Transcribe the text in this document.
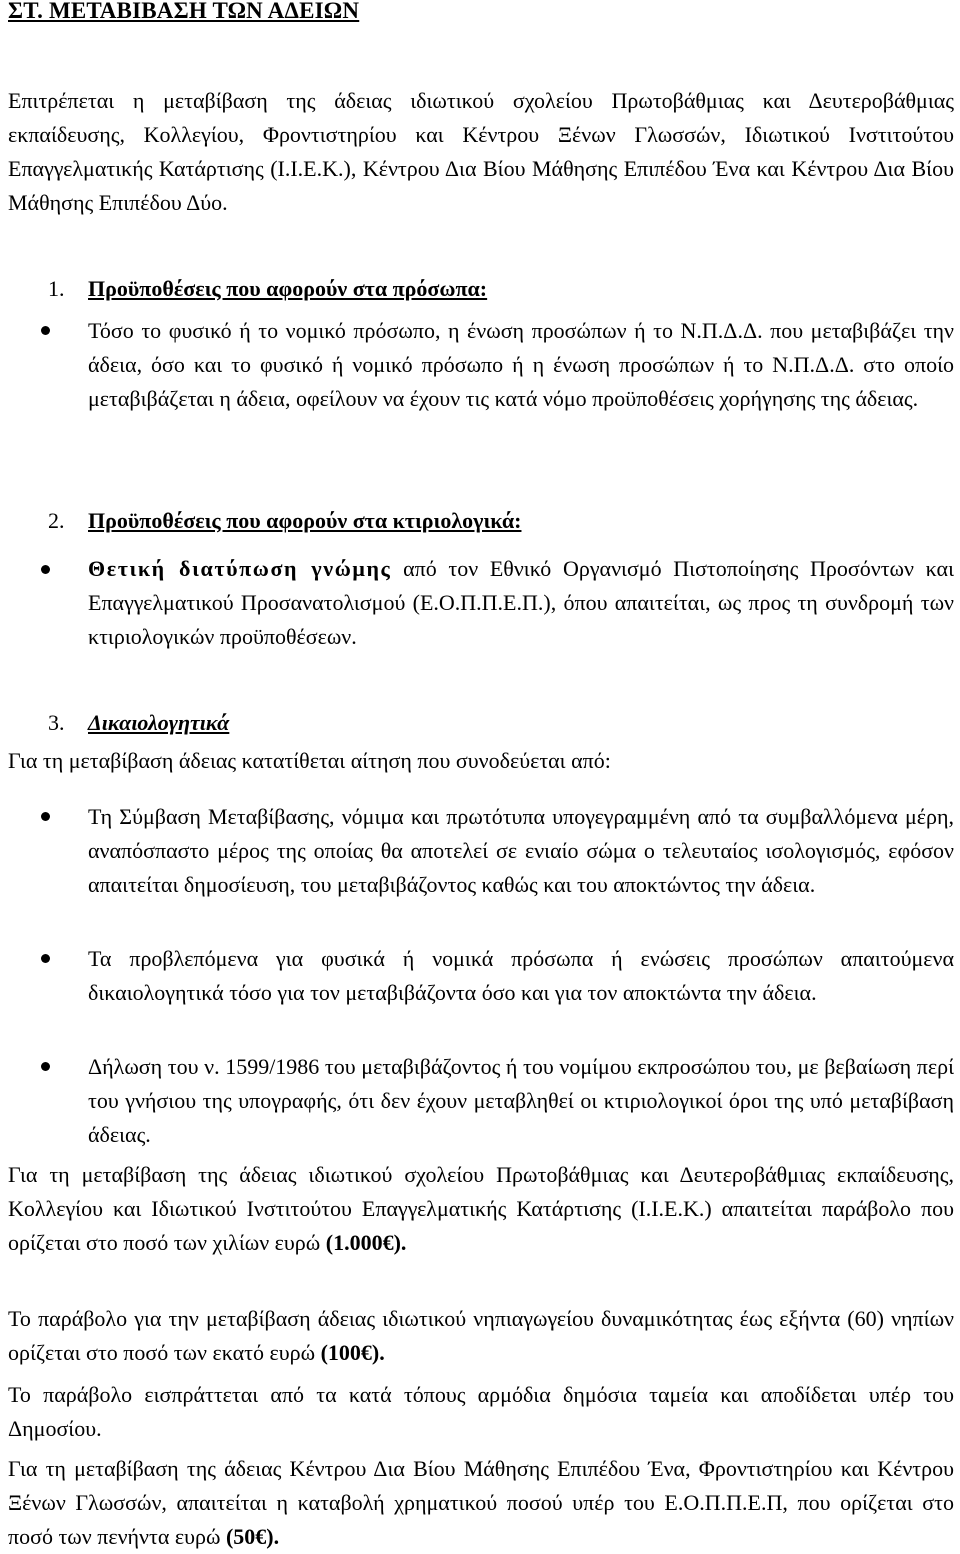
ΣΤ. ΜΕΤΑΒΙΒΑΣΗ ΤΩΝ ΑΔΕΙΩΝ

Επιτρέπεται η μεταβίβαση της άδειας ιδιωτικού σχολείου Πρωτοβάθμιας και Δευτεροβάθμιας εκπαίδευσης, Κολλεγίου, Φροντιστηρίου και Κέντρου Ξένων Γλωσσών, Ιδιωτικού Ινστιτούτου Επαγγελματικής Κατάρτισης (Ι.Ι.Ε.Κ.), Κέντρου Δια Βίου Μάθησης Επιπέδου Ένα και Κέντρου Δια Βίου Μάθησης Επιπέδου Δύο.

1. Προϋποθέσεις που αφορούν στα πρόσωπα:

Τόσο το φυσικό ή το νομικό πρόσωπο, η ένωση προσώπων ή το Ν.Π.Δ.Δ. που μεταβιβάζει την άδεια, όσο και το φυσικό ή νομικό πρόσωπο ή η ένωση προσώπων ή το Ν.Π.Δ.Δ. στο οποίο μεταβιβάζεται η άδεια, οφείλουν να έχουν τις κατά νόμο προϋποθέσεις χορήγησης της άδειας.

2. Προϋποθέσεις που αφορούν στα κτιριολογικά:

Θετική διατύπωση γνώμης από τον Εθνικό Οργανισμό Πιστοποίησης Προσόντων και Επαγγελματικού Προσανατολισμού (Ε.Ο.Π.Π.Ε.Π.), όπου απαιτείται, ως προς τη συνδρομή των κτιριολογικών προϋποθέσεων.

3. Δικαιολογητικά

Για τη μεταβίβαση άδειας κατατίθεται αίτηση που συνοδεύεται από:

Τη Σύμβαση Μεταβίβασης, νόμιμα και πρωτότυπα υπογεγραμμένη από τα συμβαλλόμενα μέρη, αναπόσπαστο μέρος της οποίας θα αποτελεί σε ενιαίο σώμα ο τελευταίος ισολογισμός, εφόσον απαιτείται δημοσίευση, του μεταβιβάζοντος καθώς και του αποκτώντος την άδεια.

Τα προβλεπόμενα για φυσικά ή νομικά πρόσωπα ή ενώσεις προσώπων απαιτούμενα δικαιολογητικά τόσο για τον μεταβιβάζοντα όσο και για τον αποκτώντα την άδεια.

Δήλωση του ν. 1599/1986 του μεταβιβάζοντος ή του νομίμου εκπροσώπου του, με βεβαίωση περί του γνήσιου της υπογραφής, ότι δεν έχουν μεταβληθεί οι κτιριολογικοί όροι της υπό μεταβίβαση άδειας.

Για τη μεταβίβαση της άδειας ιδιωτικού σχολείου Πρωτοβάθμιας και Δευτεροβάθμιας εκπαίδευσης, Κολλεγίου και Ιδιωτικού Ινστιτούτου Επαγγελματικής Κατάρτισης (Ι.Ι.Ε.Κ.) απαιτείται παράβολο που ορίζεται στο ποσό των χιλίων ευρώ (1.000€).

Το παράβολο για την μεταβίβαση άδειας ιδιωτικού νηπιαγωγείου δυναμικότητας έως εξήντα (60) νηπίων ορίζεται στο ποσό των εκατό ευρώ (100€).

Το παράβολο εισπράττεται από τα κατά τόπους αρμόδια δημόσια ταμεία και αποδίδεται υπέρ του Δημοσίου.

Για τη μεταβίβαση της άδειας Κέντρου Δια Βίου Μάθησης Επιπέδου Ένα, Φροντιστηρίου και Κέντρου Ξένων Γλωσσών, απαιτείται η καταβολή χρηματικού ποσού υπέρ του Ε.Ο.Π.Π.Ε.Π, που ορίζεται στο ποσό των πενήντα ευρώ (50€).
